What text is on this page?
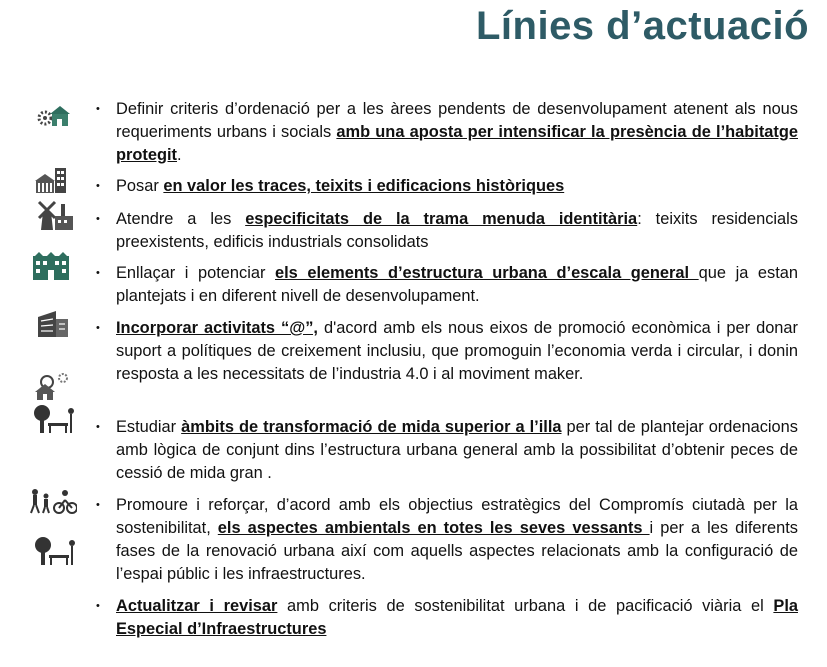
Línies d’actuació

• Definir criteris d’ordenació per a les àrees pendents de desenvolupament atenent als nous requeriments urbans i socials amb una aposta per intensificar la presència de l’habitatge protegit.

• Posar en valor les traces, teixits i edificacions històriques

• Atendre a les especificitats de la trama menuda identitària: teixits residencials preexistents, edificis industrials consolidats

• Enllaçar i potenciar els elements d’estructura urbana d’escala general que ja estan plantejats i en diferent nivell de desenvolupament.

• Incorporar activitats “@”, d'acord amb els nous eixos de promoció econòmica i per donar suport a polítiques de creixement inclusiu, que promoguin l’economia verda i circular, i donin resposta a les necessitats de l’industria 4.0 i al moviment maker.

• Estudiar àmbits de transformació de mida superior a l’illa per tal de plantejar ordenacions amb lògica de conjunt dins l’estructura urbana general amb la possibilitat d’obtenir peces de cessió de mida gran .

• Promoure i reforçar, d’acord amb els objectius estratègics del Compromís ciutadà per la sostenibilitat, els aspectes ambientals en totes les seves vessants i per a les diferents fases de la renovació urbana així com aquells aspectes relacionats amb la configuració de l’espai públic i les infraestructures.

• Actualitzar i revisar amb criteris de sostenibilitat urbana i de pacificació viària el Pla Especial d’Infraestructures
